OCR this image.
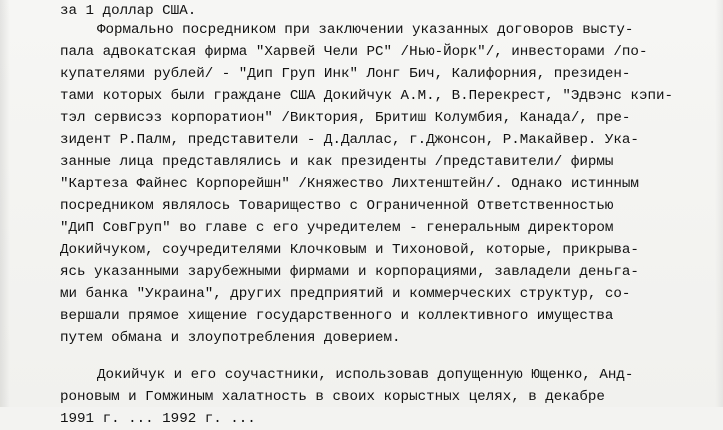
за 1 доллар США.
Формально посредником при заключении указанных договоров высту-
пала адвокатская фирма "Харвей Чели РС" /Нью-Йорк"/, инвесторами /по-
купателями рублей/ - "Дип Груп Инк" Лонг Бич, Калифорния, президен-
тами которых были граждане США Докийчук А.М., В.Перекрест, "Эдвэнс кэпи-
тэл сервисэз корпоратион" /Виктория, Бритиш Колумбия, Канада/, пре-
зидент Р.Палм, представители - Д.Даллас, г.Джонсон, Р.Макайвер. Ука-
занные лица представлялись и как президенты /представители/ фирмы
"Картеза Файнес Корпорейшн" /Княжество Лихтенштейн/. Однако истинным
посредником являлось Товарищество с Ограниченной Ответственностью
"ДиП СовГруп" во главе с его учредителем - генеральным директором
Докийчуком, соучредителями Клочковым и Тихоновой, которые, прикрыва-
ясь указанными зарубежными фирмами и корпорациями, завладели деньга-
ми банка "Украина", других предприятий и коммерческих структур, со-
вершали прямое хищение государственного и коллективного имущества
путем обмана и злоупотребления доверием.
Докийчук и его соучастники, использовав допущенную Ющенко, Анд-
роновым и Гомжиным халатность в своих корыстных целях, в декабре
1991 г. ... 1992 г. ...
